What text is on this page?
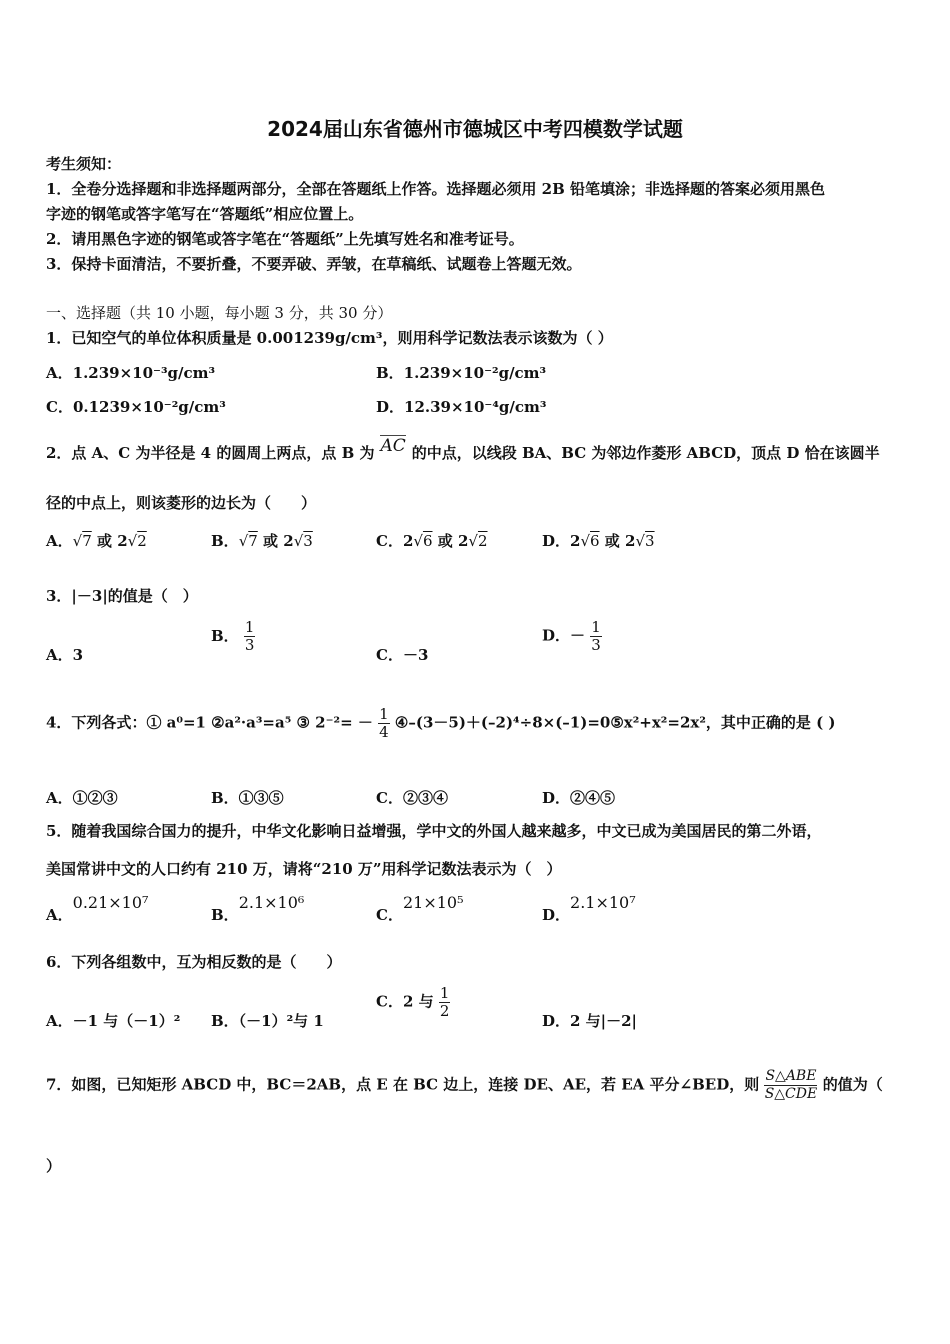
2024届山东省德州市德城区中考四模数学试题
考生须知：
1．全卷分选择题和非选择题两部分，全部在答题纸上作答。选择题必须用 2B 铅笔填涂；非选择题的答案必须用黑色
字迹的钢笔或答字笔写在“答题纸”相应位置上。
2．请用黑色字迹的钢笔或答字笔在“答题纸”上先填写姓名和准考证号。
3．保持卡面清洁，不要折叠，不要弄破、弄皱，在草稿纸、试题卷上答题无效。
一、选择题（共 10 小题，每小题 3 分，共 30 分）
1．已知空气的单位体积质量是 0.001239g/cm³，则用科学记数法表示该数为（ ）
A．1.239×10⁻³g/cm³	B．1.239×10⁻²g/cm³
C．0.1239×10⁻²g/cm³	D．12.39×10⁻⁴g/cm³
2．点 A、C 为半径是 4 的圆周上两点，点 B 为 AC 的中点，以线段 BA、BC 为邻边作菱形 ABCD，顶点 D 恰在该圆半
径的中点上，则该菱形的边长为（　　）
A．√7 或 2√2	B．√7 或 2√3	C．2√6 或 2√2	D．2√6 或 2√3
3．|－3|的值是（　）
A．3
B． $\frac{1}{3}$
C．－3
D．－ $\frac{1}{3}$
4．下列各式：① a⁰=1 ②a²·a³=a⁵ ③ $2^{-2}= - \frac{1}{4}$ ④–(3－5)＋(–2)⁴÷8×(–1)=0⑤x²+x²=2x²，其中正确的是 ( )
A．①②③	B．①③⑤	C．②③④	D．②④⑤
5．随着我国综合国力的提升，中华文化影响日益增强，学中文的外国人越来越多，中文已成为美国居民的第二外语，
美国常讲中文的人口约有 210 万，请将“210 万”用科学记数法表示为（　）
A．0.21×10⁷
B．2.1×10⁶
C．21×10⁵
D．2.1×10⁷
6．下列各组数中，互为相反数的是（　　）
A．－1 与（－1）² B．（－1）²与 1
C．2 与 $\frac{1}{2}$
D．2 与|－2|
7．如图，已知矩形 ABCD 中，BC＝2AB，点 E 在 BC 边上，连接 DE、AE，若 EA 平分∠BED，则 $\frac{\text{S△ABE}}{\text{S△CDE}}$ 的值为（
）
